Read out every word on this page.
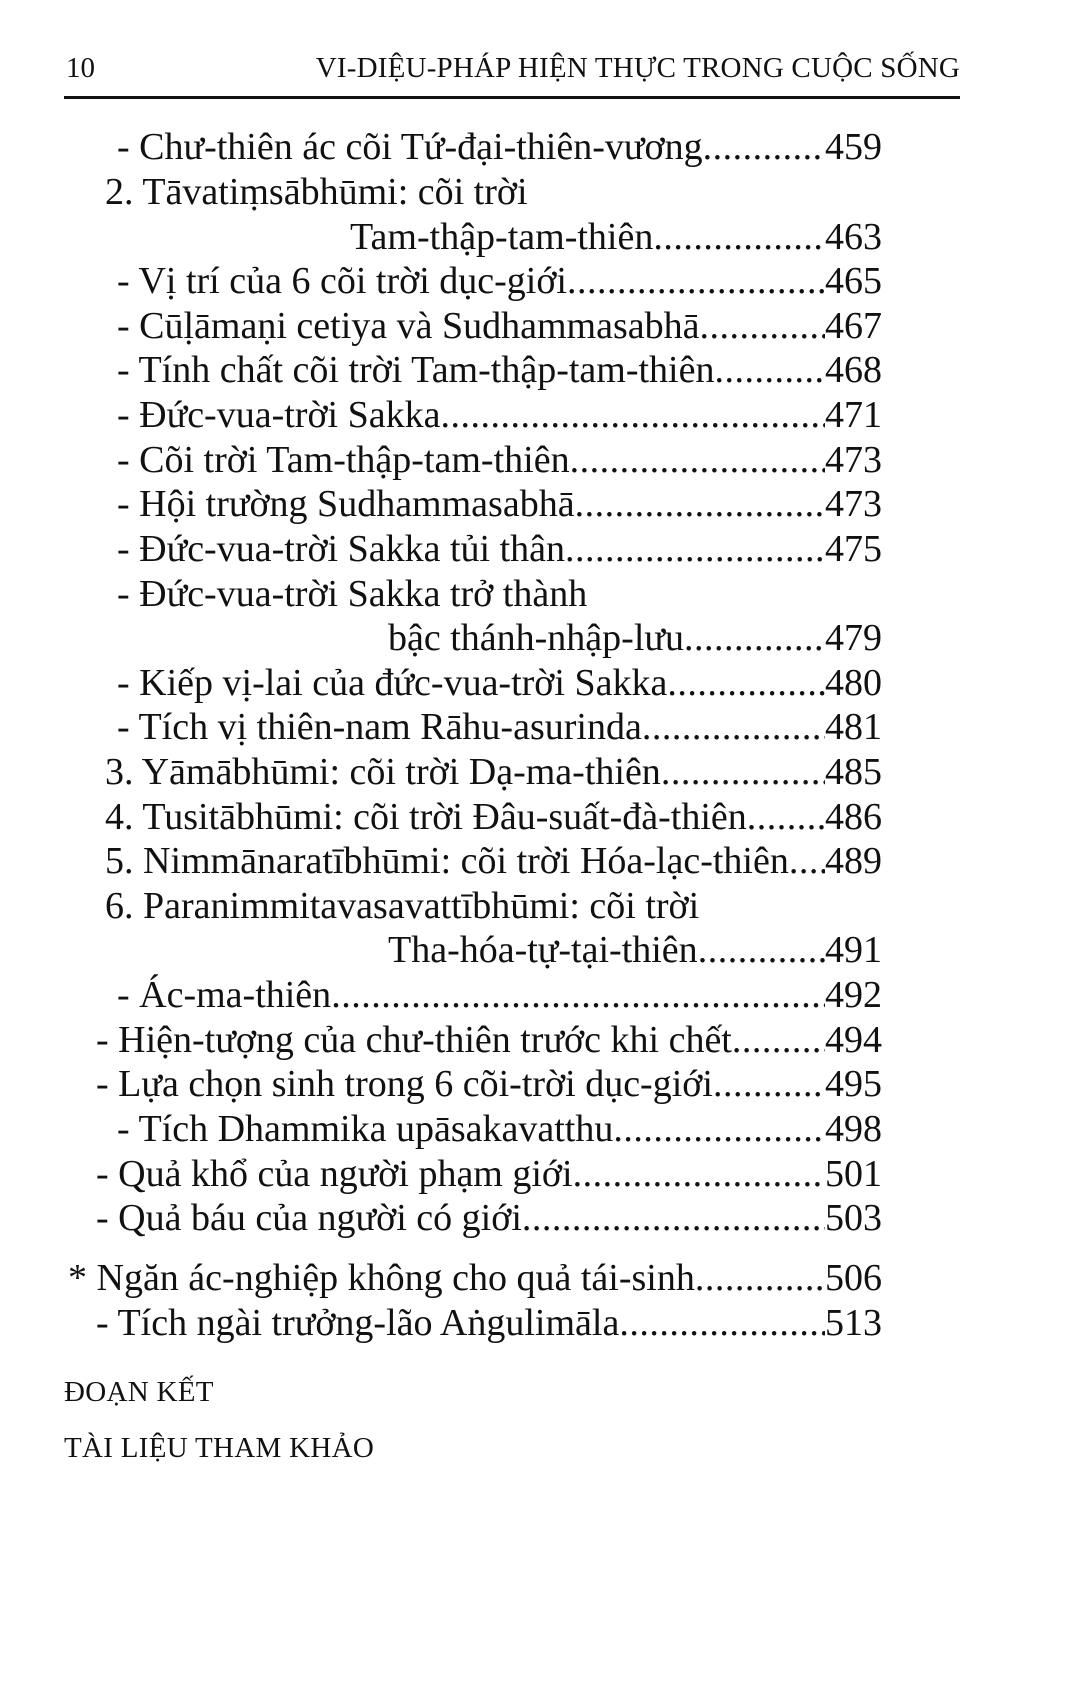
10	VI-DIỆU-PHÁP HIỆN THỰC TRONG CUỘC SỐNG
- Chư-thiên ác cõi Tứ-đại-thiên-vương .....	459
2. Tāvatiṃsābhūmi: cõi trời
Tam-thập-tam-thiên .....	463
- Vị trí của 6 cõi trời dục-giới .....	465
- Cūḷāmaṇi cetiya và Sudhammasabhā .....	467
- Tính chất cõi trời Tam-thập-tam-thiên .....	468
- Đức-vua-trời Sakka .....	471
- Cõi trời Tam-thập-tam-thiên .....	473
- Hội trường Sudhammasabhā .....	473
- Đức-vua-trời Sakka tủi thân .....	475
- Đức-vua-trời Sakka trở thành
bậc thánh-nhập-lưu .....	479
- Kiếp vị-lai của đức-vua-trời Sakka .....	480
- Tích vị thiên-nam Rāhu-asurinda .....	481
3. Yāmābhūmi: cõi trời Dạ-ma-thiên .....	485
4. Tusitābhūmi: cõi trời Đâu-suất-đà-thiên ..... 486
5. Nimmānaratībhūmi: cõi trời Hóa-lạc-thiên ..... 489
6. Paranimmitavasavattībhūmi: cõi trời
Tha-hóa-tự-tại-thiên .....	491
- Ác-ma-thiên .....	492
- Hiện-tượng của chư-thiên trước khi chết ..... 494
- Lựa chọn sinh trong 6 cõi-trời dục-giới .....	495
- Tích Dhammika upāsakavatthu .....	498
- Quả khổ của người phạm giới .....	501
- Quả báu của người có giới .....	503
* Ngăn ác-nghiệp không cho quả tái-sinh .....	506
- Tích ngài trưởng-lão Aṅgulimāla .....	513
ĐOẠN KẾT
TÀI LIỆU THAM KHẢO
